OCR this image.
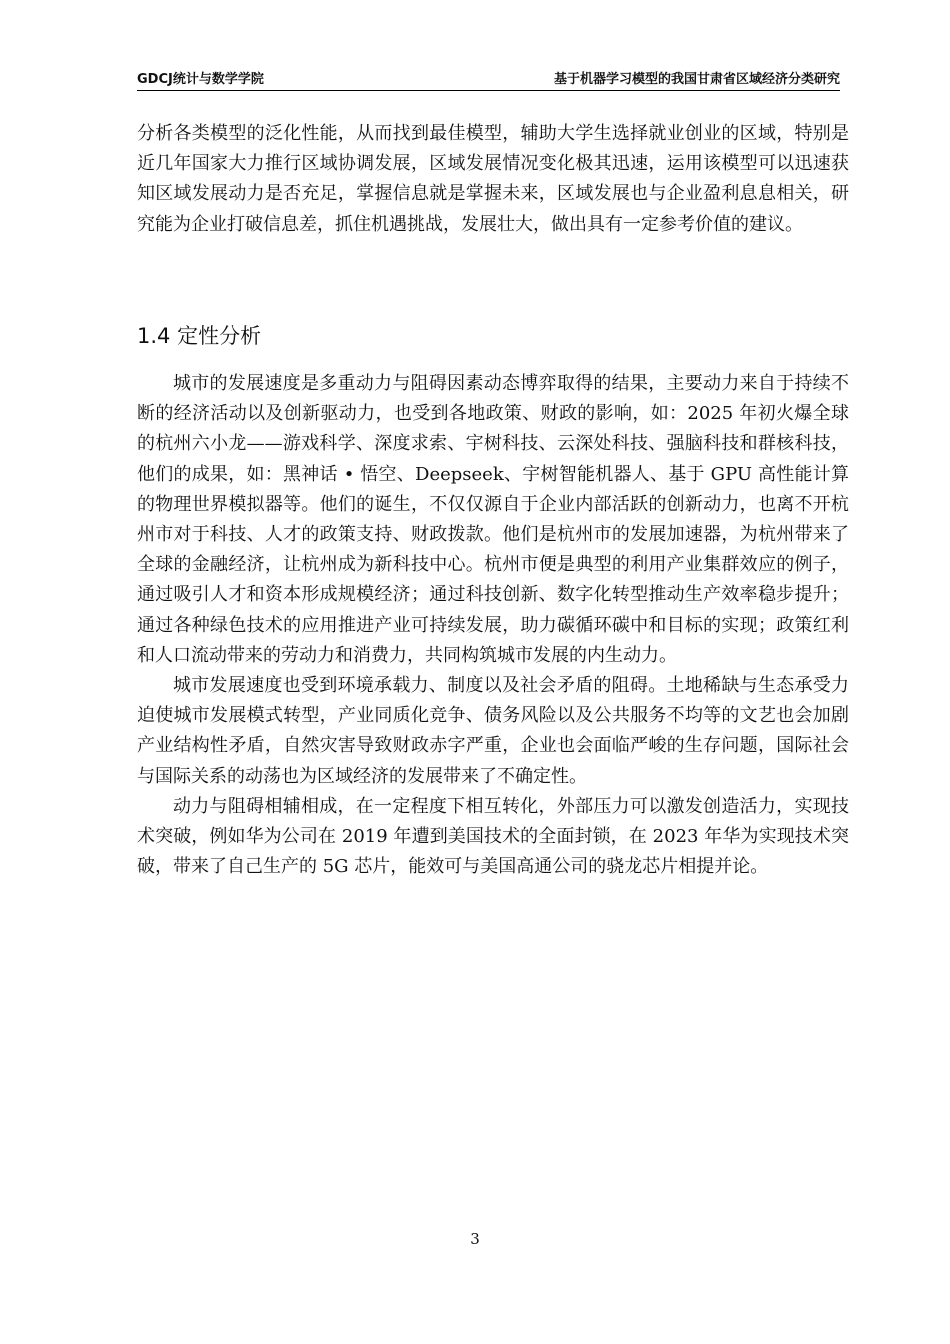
GDCJ统计与数学学院	基于机器学习模型的我国甘肃省区域经济分类研究
分析各类模型的泛化性能，从而找到最佳模型，辅助大学生选择就业创业的区域，特别是近几年国家大力推行区域协调发展，区域发展情况变化极其迅速，运用该模型可以迅速获知区域发展动力是否充足，掌握信息就是掌握未来，区域发展也与企业盈利息息相关，研究能为企业打破信息差，抓住机遇挑战，发展壮大，做出具有一定参考价值的建议。
1.4 定性分析

城市的发展速度是多重动力与阻碍因素动态博弈取得的结果，主要动力来自于持续不断的经济活动以及创新驱动力，也受到各地政策、财政的影响，如：2025 年初火爆全球的杭州六小龙——游戏科学、深度求索、宇树科技、云深处科技、强脑科技和群核科技，他们的成果，如：黑神话 • 悟空、Deepseek、宇树智能机器人、基于 GPU 高性能计算的物理世界模拟器等。他们的诞生，不仅仅源自于企业内部活跃的创新动力，也离不开杭州市对于科技、人才的政策支持、财政拨款。他们是杭州市的发展加速器，为杭州带来了全球的金融经济，让杭州成为新科技中心。杭州市便是典型的利用产业集群效应的例子，通过吸引人才和资本形成规模经济；通过科技创新、数字化转型推动生产效率稳步提升；通过各种绿色技术的应用推进产业可持续发展，助力碳循环碳中和目标的实现；政策红利和人口流动带来的劳动力和消费力，共同构筑城市发展的内生动力。

城市发展速度也受到环境承载力、制度以及社会矛盾的阻碍。土地稀缺与生态承受力迫使城市发展模式转型，产业同质化竞争、债务风险以及公共服务不均等的文艺也会加剧产业结构性矛盾，自然灾害导致财政赤字严重，企业也会面临严峻的生存问题，国际社会与国际关系的动荡也为区域经济的发展带来了不确定性。

动力与阻碍相辅相成，在一定程度下相互转化，外部压力可以激发创造活力，实现技术突破，例如华为公司在 2019 年遭到美国技术的全面封锁，在 2023 年华为实现技术突破，带来了自己生产的 5G 芯片，能效可与美国高通公司的骁龙芯片相提并论。

3
